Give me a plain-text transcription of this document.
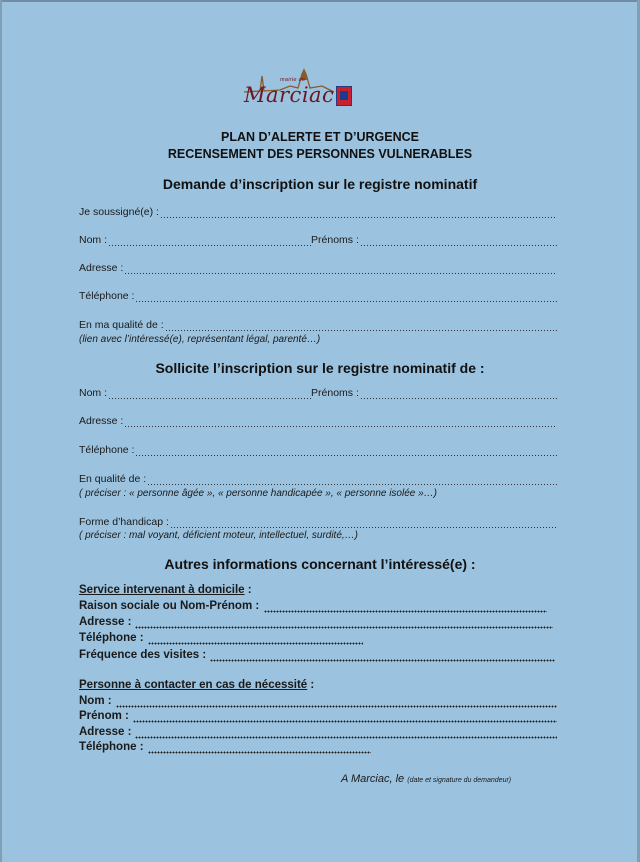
mairie de
Marciac
PLAN D’ALERTE ET D’URGENCE
RECENSEMENT DES PERSONNES VULNERABLES
Demande d’inscription sur le registre nominatif
Je soussigné(e) :
Nom :	Prénoms :
Adresse :
Téléphone :
En ma qualité de :
(lien avec l’intéressé(e), représentant légal, parenté…)
Sollicite l’inscription sur le registre nominatif de :
Nom :	Prénoms :
Adresse :
Téléphone :
En qualité de :
( préciser : « personne âgée », « personne handicapée », « personne isolée »…)
Forme d’handicap :
( préciser : mal voyant, déficient moteur, intellectuel, surdité,…)
Autres informations concernant l’intéressé(e) :
Service intervenant à domicile :
Raison sociale ou Nom-Prénom :
Adresse :
Téléphone :
Fréquence des visites :
Personne à contacter en cas de nécessité :
Nom :
Prénom :
Adresse :
Téléphone :
A Marciac, le (date et signature du demandeur)
